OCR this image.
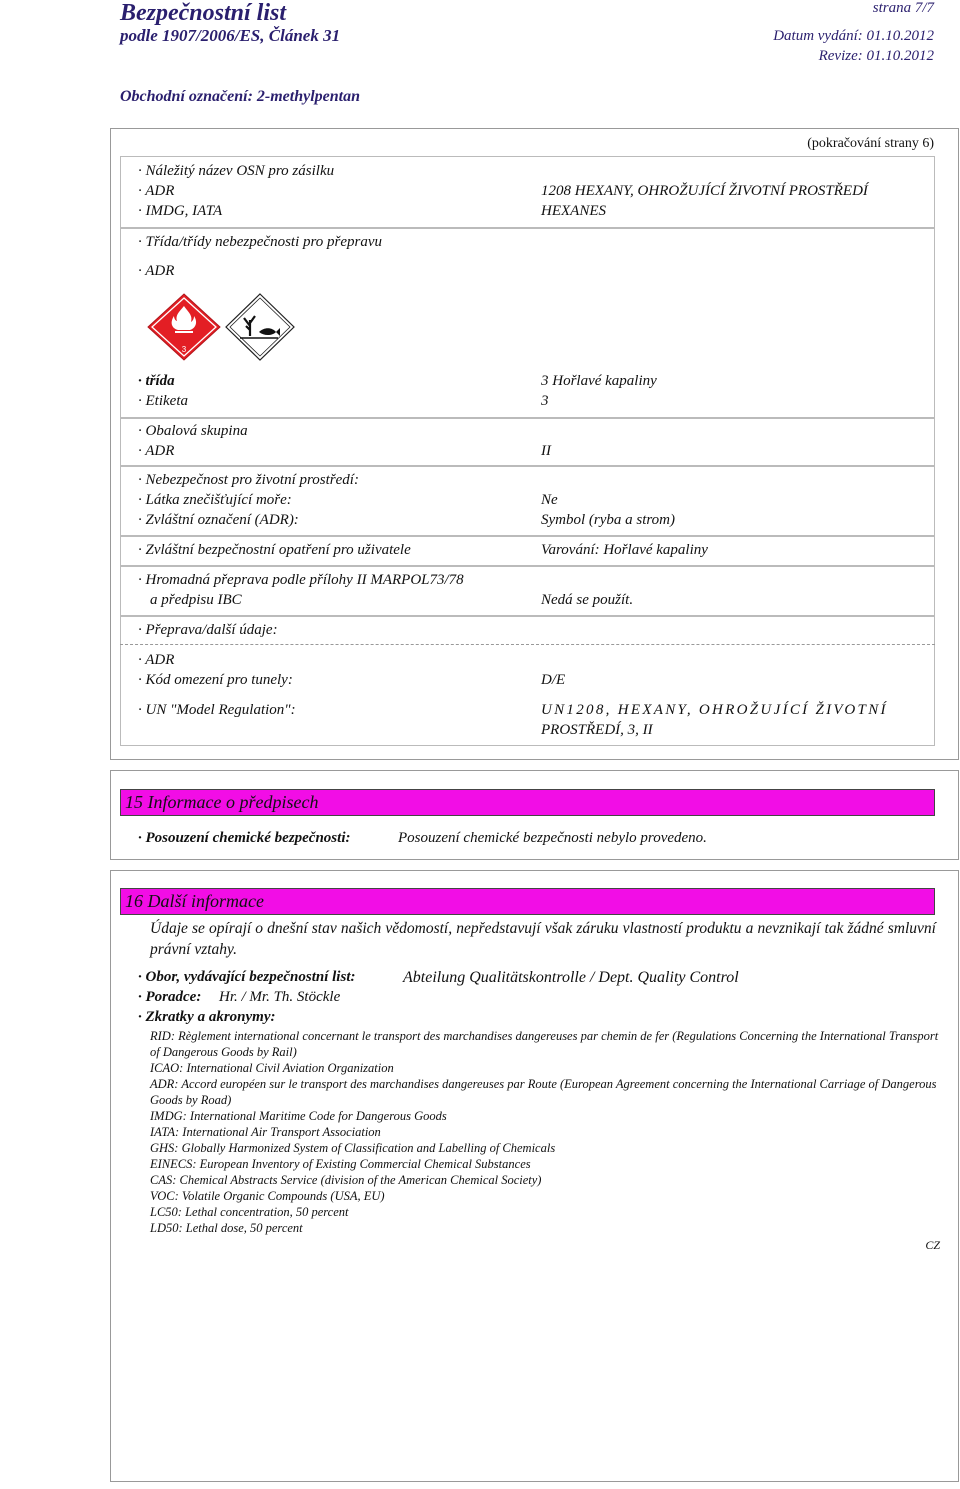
Bezpečnostní list
podle 1907/2006/ES, Článek 31
strana 7/7
Datum vydání: 01.10.2012
Revize: 01.10.2012
Obchodní označení: 2-methylpentan
(pokračování strany 6)
· Náležitý název OSN pro zásilku
· ADR	1208 HEXANY, OHROŽUJÍCÍ ŽIVOTNÍ PROSTŘEDÍ
· IMDG, IATA	HEXANES
· Třída/třídy nebezpečnosti pro přepravu
· ADR
3
· třída	3 Hořlavé kapaliny
· Etiketa	3
· Obalová skupina
· ADR	II
· Nebezpečnost pro životní prostředí:
· Látka znečišťující moře:	Ne
· Zvláštní označení (ADR):	Symbol (ryba a strom)
· Zvláštní bezpečnostní opatření pro uživatele	Varování: Hořlavé kapaliny
· Hromadná přeprava podle přílohy II MARPOL73/78
a předpisu IBC	Nedá se použít.
· Přeprava/další údaje:
· ADR
· Kód omezení pro tunely:	D/E
· UN "Model Regulation":	UN1208, HEXANY, OHROŽUJÍCÍ ŽIVOTNÍ
PROSTŘEDÍ, 3, II
15 Informace o předpisech
· Posouzení chemické bezpečnosti:	Posouzení chemické bezpečnosti nebylo provedeno.
16 Další informace
Údaje se opírají o dnešní stav našich vědomostí, nepředstavují však záruku vlastností produktu a nevznikají tak žádné smluvní právní vztahy.
· Obor, vydávající bezpečnostní list:	Abteilung Qualitätskontrolle / Dept. Quality Control
· Poradce: Hr. / Mr. Th. Stöckle
· Zkratky a akronymy:
RID: Règlement international concernant le transport des marchandises dangereuses par chemin de fer (Regulations Concerning the International Transport of Dangerous Goods by Rail)
ICAO: International Civil Aviation Organization
ADR: Accord européen sur le transport des marchandises dangereuses par Route (European Agreement concerning the International Carriage of Dangerous Goods by Road)
IMDG: International Maritime Code for Dangerous Goods
IATA: International Air Transport Association
GHS: Globally Harmonized System of Classification and Labelling of Chemicals
EINECS: European Inventory of Existing Commercial Chemical Substances
CAS: Chemical Abstracts Service (division of the American Chemical Society)
VOC: Volatile Organic Compounds (USA, EU)
LC50: Lethal concentration, 50 percent
LD50: Lethal dose, 50 percent
CZ
